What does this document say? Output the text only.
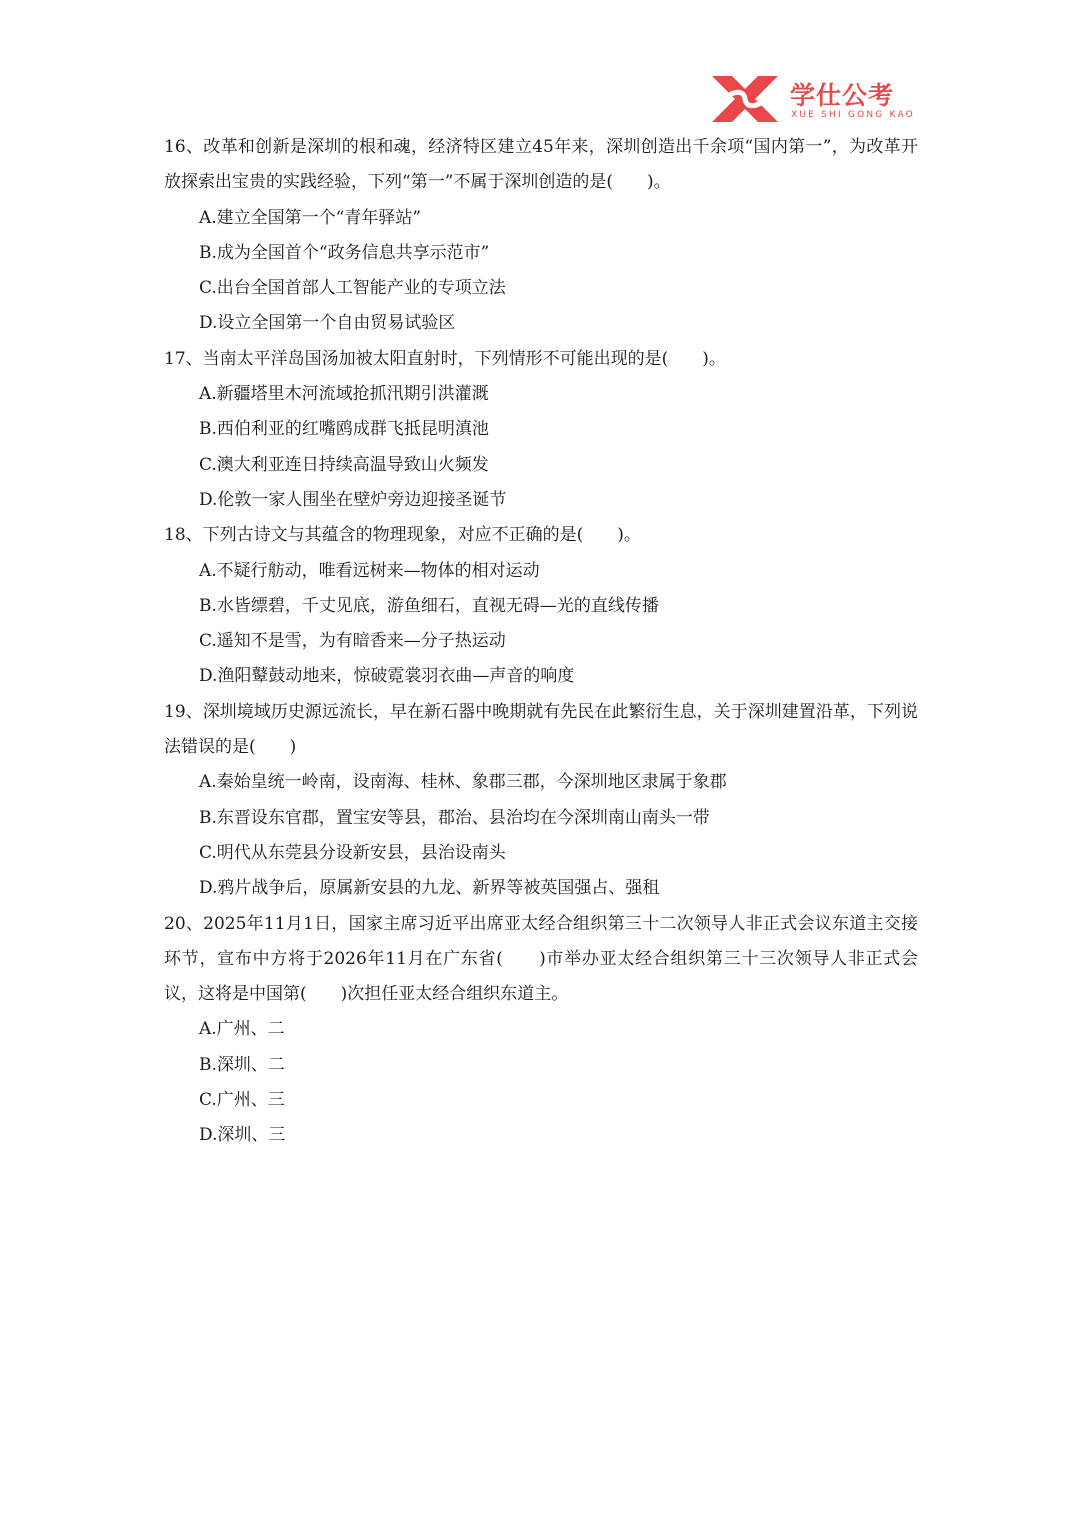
学仕公考
XUE SHI GONG KAO

16、改革和创新是深圳的根和魂，经济特区建立45年来，深圳创造出千余项“国内第一”，为改革开放探索出宝贵的实践经验，下列“第一”不属于深圳创造的是(　　)。

A.建立全国第一个“青年驿站”

B.成为全国首个“政务信息共享示范市”

C.出台全国首部人工智能产业的专项立法

D.设立全国第一个自由贸易试验区

17、当南太平洋岛国汤加被太阳直射时，下列情形不可能出现的是(　　)。

A.新疆塔里木河流域抢抓汛期引洪灌溉

B.西伯利亚的红嘴鸥成群飞抵昆明滇池

C.澳大利亚连日持续高温导致山火频发

D.伦敦一家人围坐在壁炉旁边迎接圣诞节

18、下列古诗文与其蕴含的物理现象，对应不正确的是(　　)。

A.不疑行舫动，唯看远树来—物体的相对运动

B.水皆缥碧，千丈见底，游鱼细石，直视无碍—光的直线传播

C.遥知不是雪，为有暗香来—分子热运动

D.渔阳鼙鼓动地来，惊破霓裳羽衣曲—声音的响度

19、深圳境域历史源远流长，早在新石器中晚期就有先民在此繁衍生息，关于深圳建置沿革，下列说法错误的是(　　)

A.秦始皇统一岭南，设南海、桂林、象郡三郡，今深圳地区隶属于象郡

B.东晋设东官郡，置宝安等县，郡治、县治均在今深圳南山南头一带

C.明代从东莞县分设新安县，县治设南头

D.鸦片战争后，原属新安县的九龙、新界等被英国强占、强租

20、2025年11月1日，国家主席习近平出席亚太经合组织第三十二次领导人非正式会议东道主交接环节，宣布中方将于2026年11月在广东省(　　)市举办亚太经合组织第三十三次领导人非正式会议，这将是中国第(　　)次担任亚太经合组织东道主。

A.广州、二

B.深圳、二

C.广州、三

D.深圳、三
